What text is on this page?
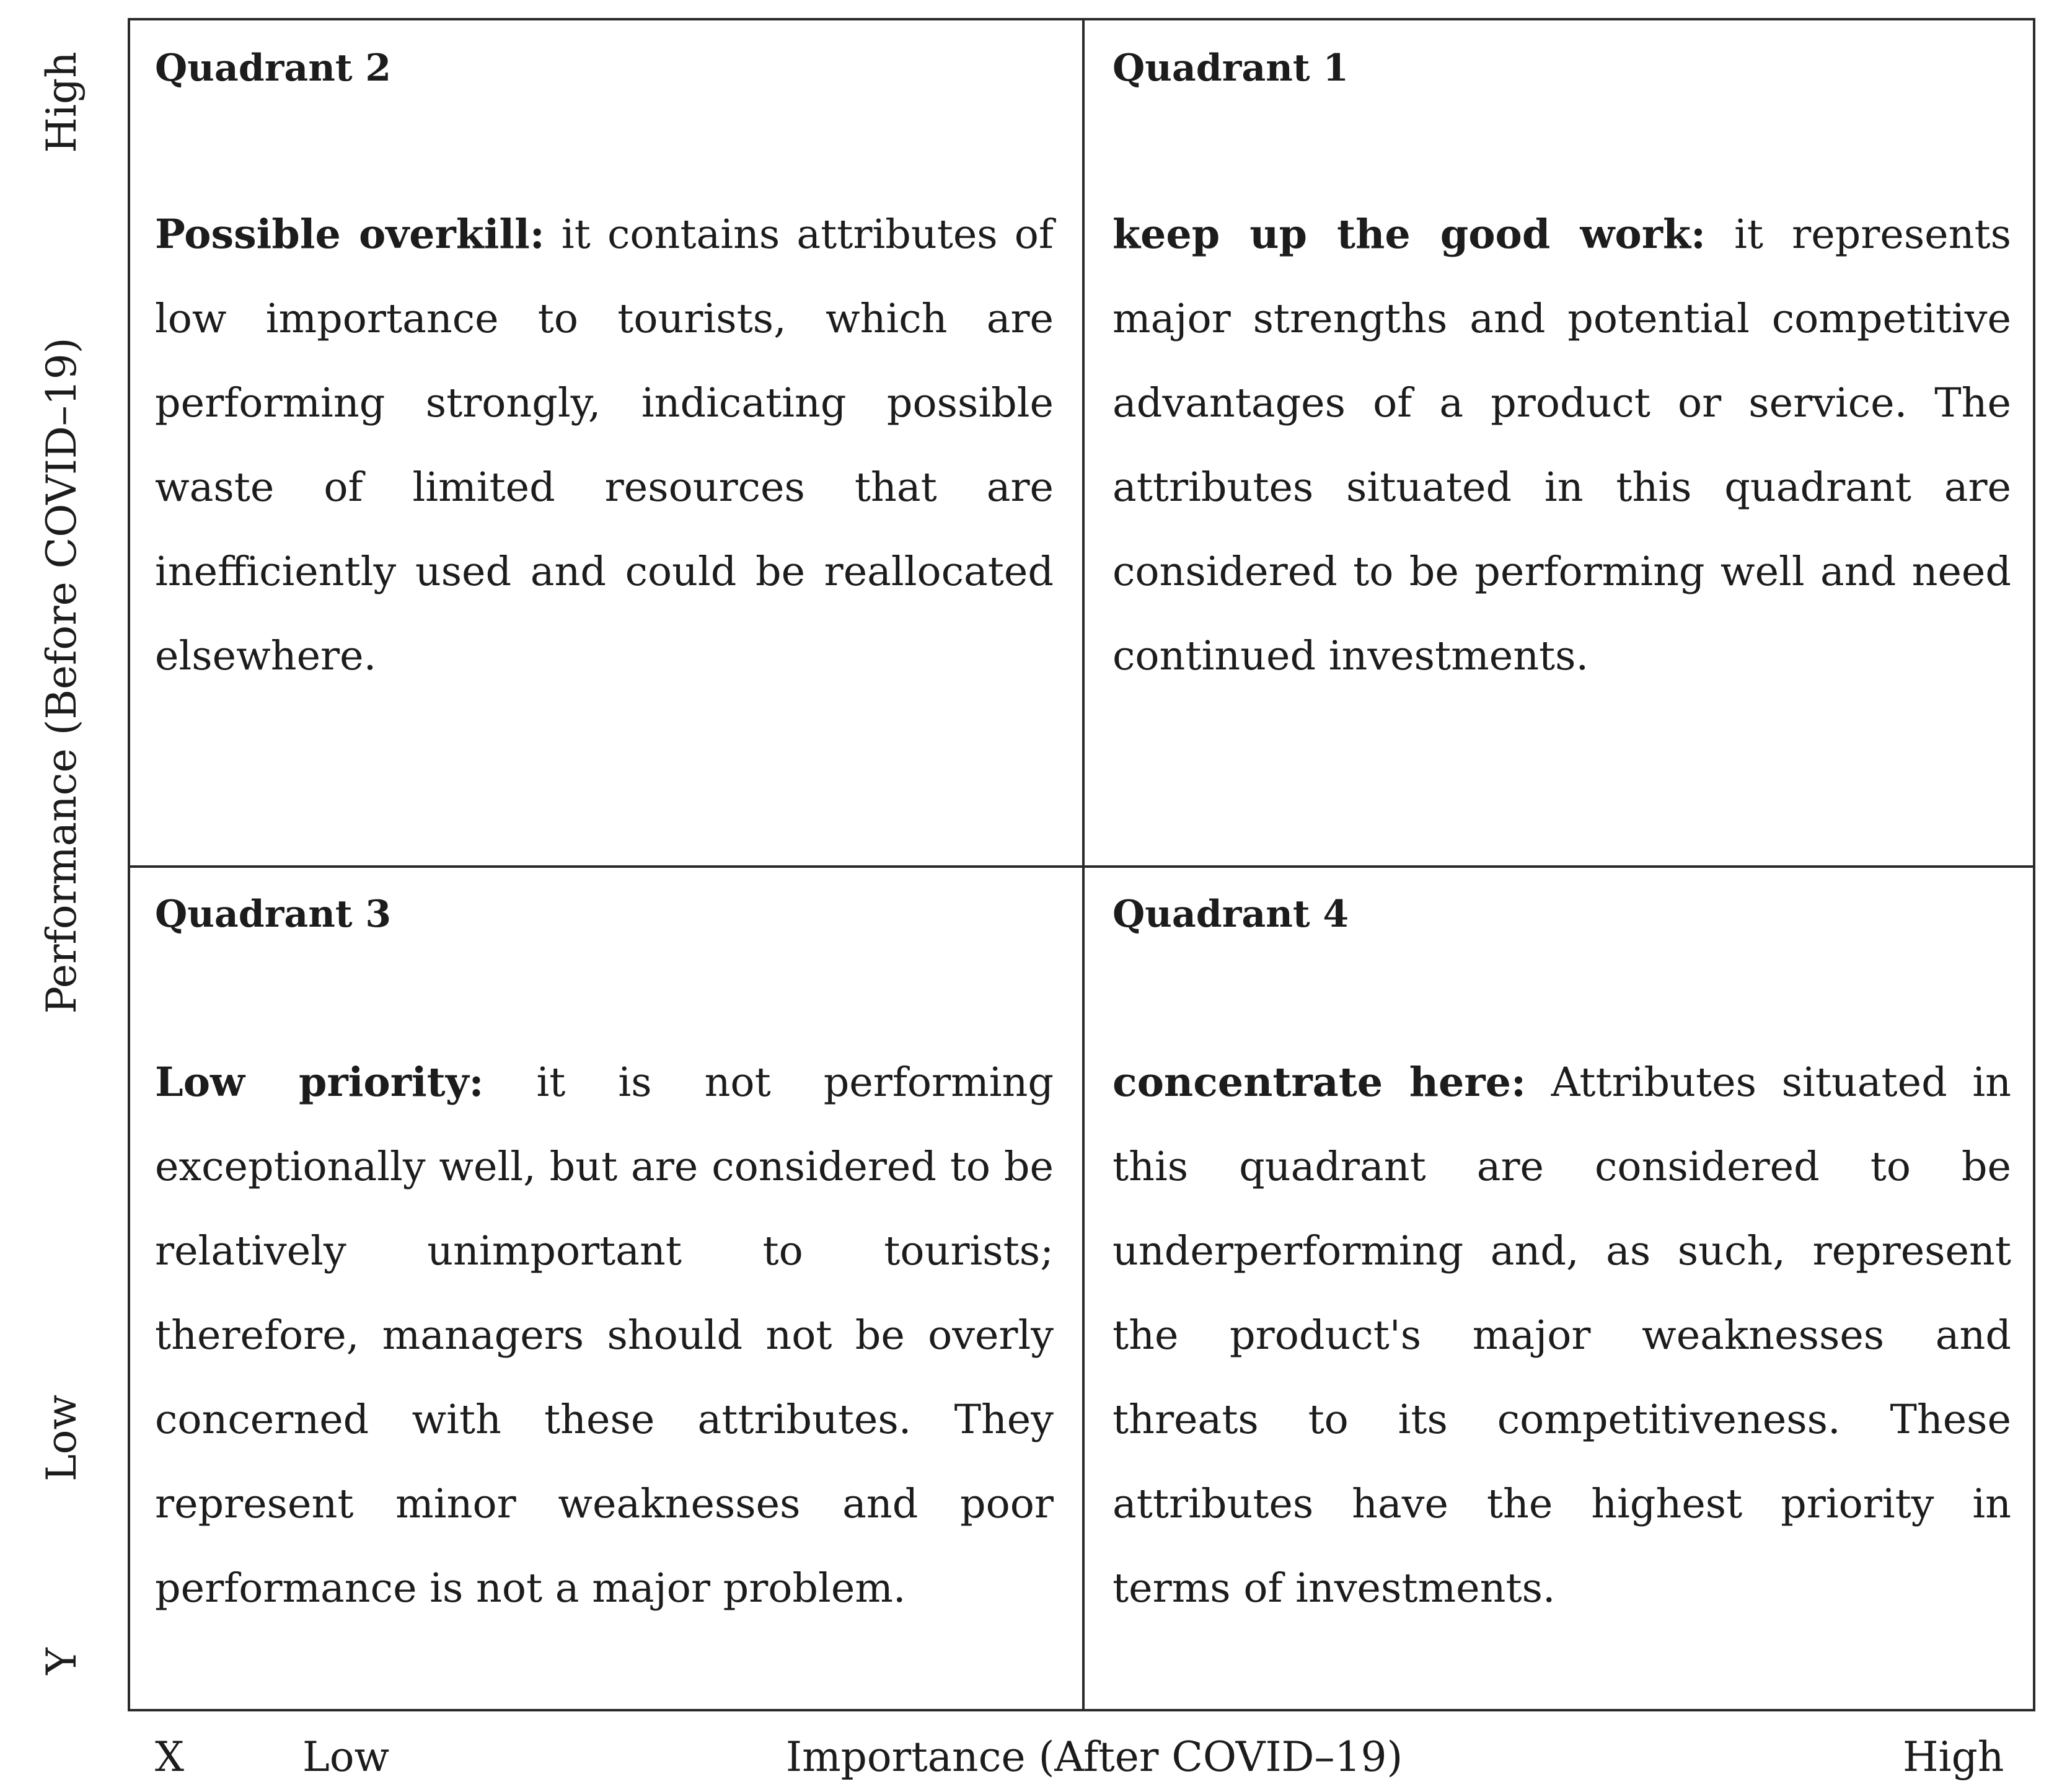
High
Performance (Before COVID–19)
Low
Y
Quadrant 2

Possible overkill: it contains attributes of low importance to tourists, which are performing strongly, indicating possible waste of limited resources that are inefficiently used and could be reallocated elsewhere.

Quadrant 1

keep up the good work: it represents major strengths and potential competitive advantages of a product or service. The attributes situated in this quadrant are considered to be performing well and need continued investments.

Quadrant 3

Low priority: it is not performing exceptionally well, but are considered to be relatively unimportant to tourists; therefore, managers should not be overly concerned with these attributes. They represent minor weaknesses and poor performance is not a major problem.

Quadrant 4

concentrate here: Attributes situated in this quadrant are considered to be underperforming and, as such, represent the product's major weaknesses and threats to its competitiveness. These attributes have the highest priority in terms of investments.

X	Low	Importance (After COVID–19)	High
